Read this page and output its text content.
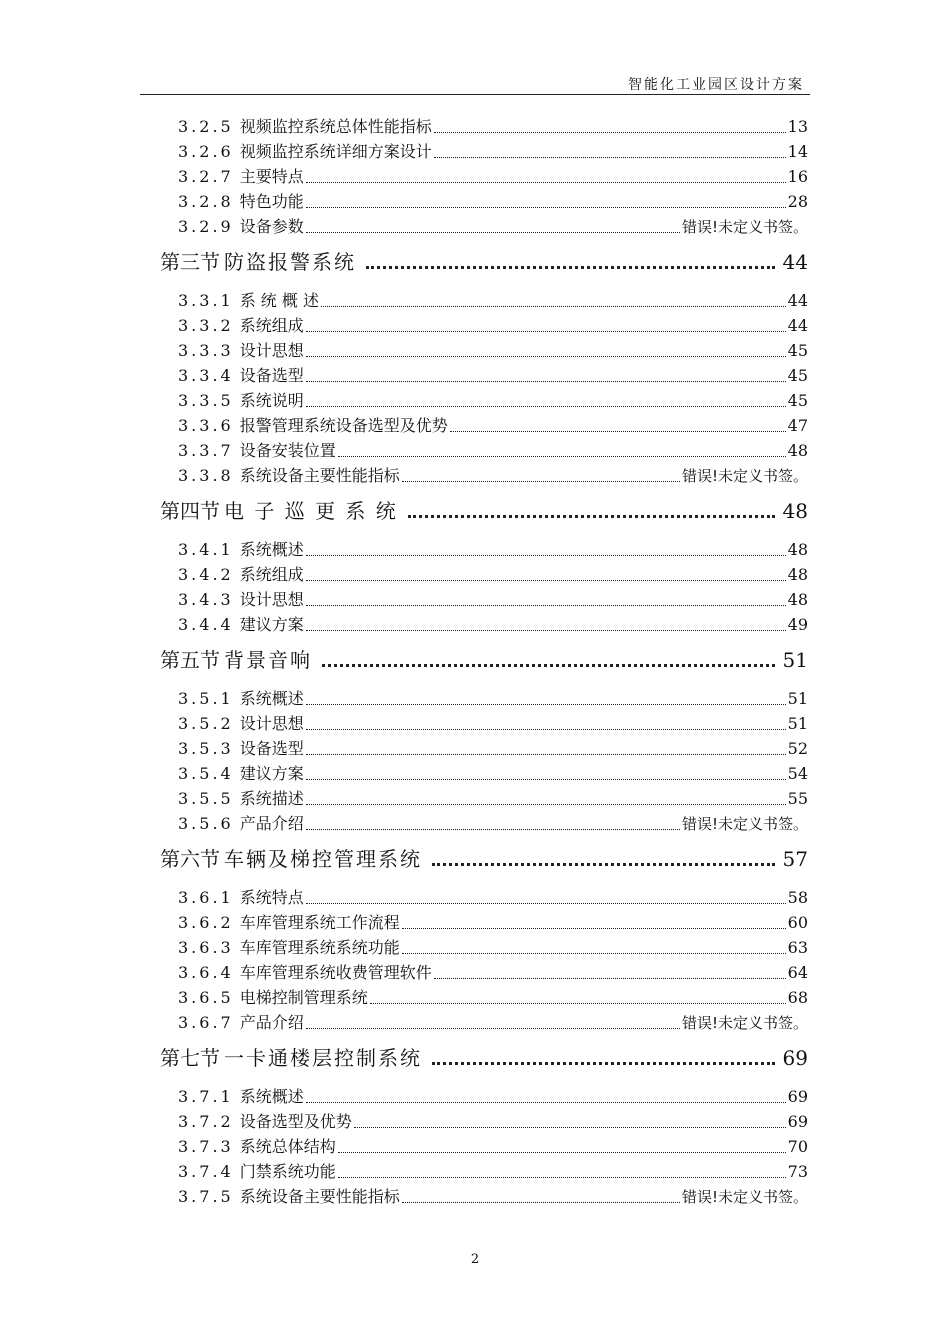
智能化工业园区设计方案
3.2.5 视频监控系统总体性能指标	13
3.2.6 视频监控系统详细方案设计	14
3.2.7 主要特点	16
3.2.8 特色功能	28
3.2.9 设备参数	错误!未定义书签。
第三节 防盗报警系统	44
3.3.1 系 统 概 述	44
3.3.2 系统组成	44
3.3.3 设计思想	45
3.3.4 设备选型	45
3.3.5 系统说明	45
3.3.6 报警管理系统设备选型及优势	47
3.3.7 设备安装位置	48
3.3.8 系统设备主要性能指标	错误!未定义书签。
第四节 电 子 巡 更 系 统	48
3.4.1 系统概述	48
3.4.2 系统组成	48
3.4.3 设计思想	48
3.4.4 建议方案	49
第五节 背景音响	51
3.5.1 系统概述	51
3.5.2 设计思想	51
3.5.3 设备选型	52
3.5.4 建议方案	54
3.5.5 系统描述	55
3.5.6 产品介绍	错误!未定义书签。
第六节 车辆及梯控管理系统	57
3.6.1 系统特点	58
3.6.2 车库管理系统工作流程	60
3.6.3 车库管理系统系统功能	63
3.6.4 车库管理系统收费管理软件	64
3.6.5 电梯控制管理系统	68
3.6.7 产品介绍	错误!未定义书签。
第七节 一卡通楼层控制系统	69
3.7.1 系统概述	69
3.7.2 设备选型及优势	69
3.7.3 系统总体结构	70
3.7.4 门禁系统功能	73
3.7.5 系统设备主要性能指标	错误!未定义书签。
2
